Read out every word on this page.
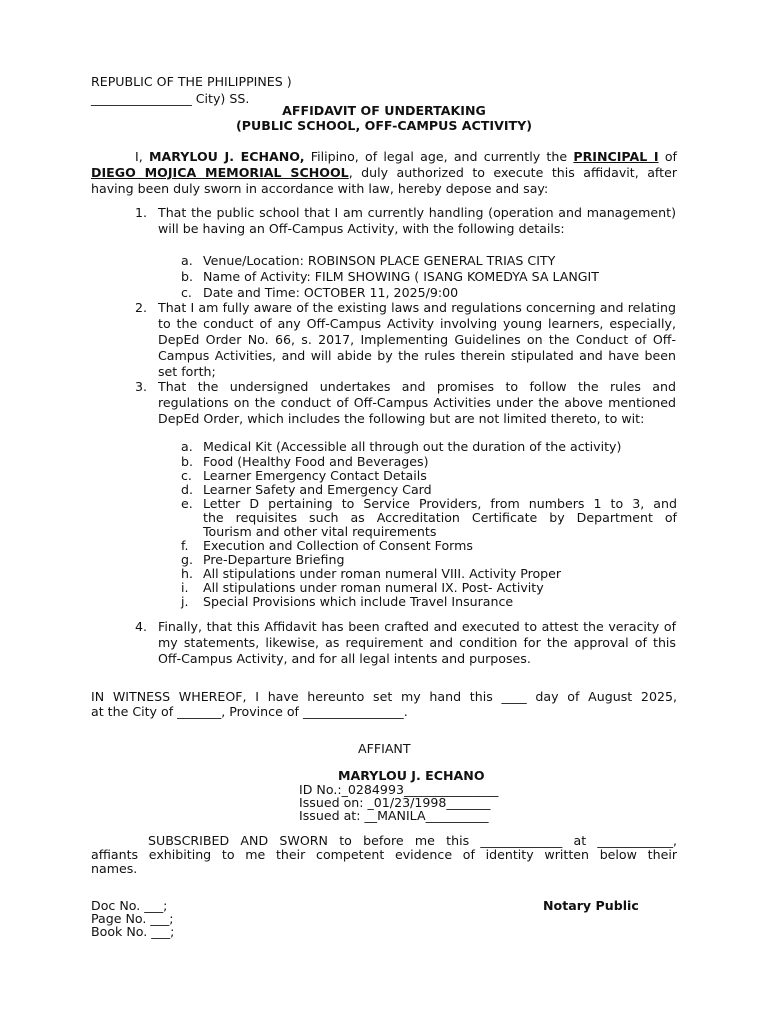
REPUBLIC OF THE PHILIPPINES )
________________ City) SS.
AFFIDAVIT OF UNDERTAKING
(PUBLIC SCHOOL, OFF-CAMPUS ACTIVITY)
I, MARYLOU J. ECHANO, Filipino, of legal age, and currently the PRINCIPAL I of DIEGO MOJICA MEMORIAL SCHOOL, duly authorized to execute this affidavit, after having been duly sworn in accordance with law, hereby depose and say:
1. That the public school that I am currently handling (operation and management) will be having an Off-Campus Activity, with the following details:
a. Venue/Location: ROBINSON PLACE GENERAL TRIAS CITY
b. Name of Activity: FILM SHOWING ( ISANG KOMEDYA SA LANGIT
c. Date and Time: OCTOBER 11, 2025/9:00
2. That I am fully aware of the existing laws and regulations concerning and relating to the conduct of any Off-Campus Activity involving young learners, especially, DepEd Order No. 66, s. 2017, Implementing Guidelines on the Conduct of Off-Campus Activities, and will abide by the rules therein stipulated and have been set forth;
3. That the undersigned undertakes and promises to follow the rules and regulations on the conduct of Off-Campus Activities under the above mentioned DepEd Order, which includes the following but are not limited thereto, to wit:
a. Medical Kit (Accessible all through out the duration of the activity)
b. Food (Healthy Food and Beverages)
c. Learner Emergency Contact Details
d. Learner Safety and Emergency Card
e. Letter D pertaining to Service Providers, from numbers 1 to 3, and
the requisites such as Accreditation Certificate by Department of
Tourism and other vital requirements
f. Execution and Collection of Consent Forms
g. Pre-Departure Briefing
h. All stipulations under roman numeral VIII. Activity Proper
i. All stipulations under roman numeral IX. Post- Activity
j. Special Provisions which include Travel Insurance
4. Finally, that this Affidavit has been crafted and executed to attest the veracity of my statements, likewise, as requirement and condition for the approval of this Off-Campus Activity, and for all legal intents and purposes.
IN WITNESS WHEREOF, I have hereunto set my hand this ____ day of August 2025,
at the City of _______, Province of ________________.
AFFIANT
MARYLOU J. ECHANO
ID No.:_0284993_______________
Issued on: _01/23/1998_______
Issued at: __MANILA__________
SUBSCRIBED AND SWORN to before me this _____________ at ____________,
affiants exhibiting to me their competent evidence of identity written below their
names.
Doc No. ___;	Notary Public
Page No. ___;
Book No. ___;
